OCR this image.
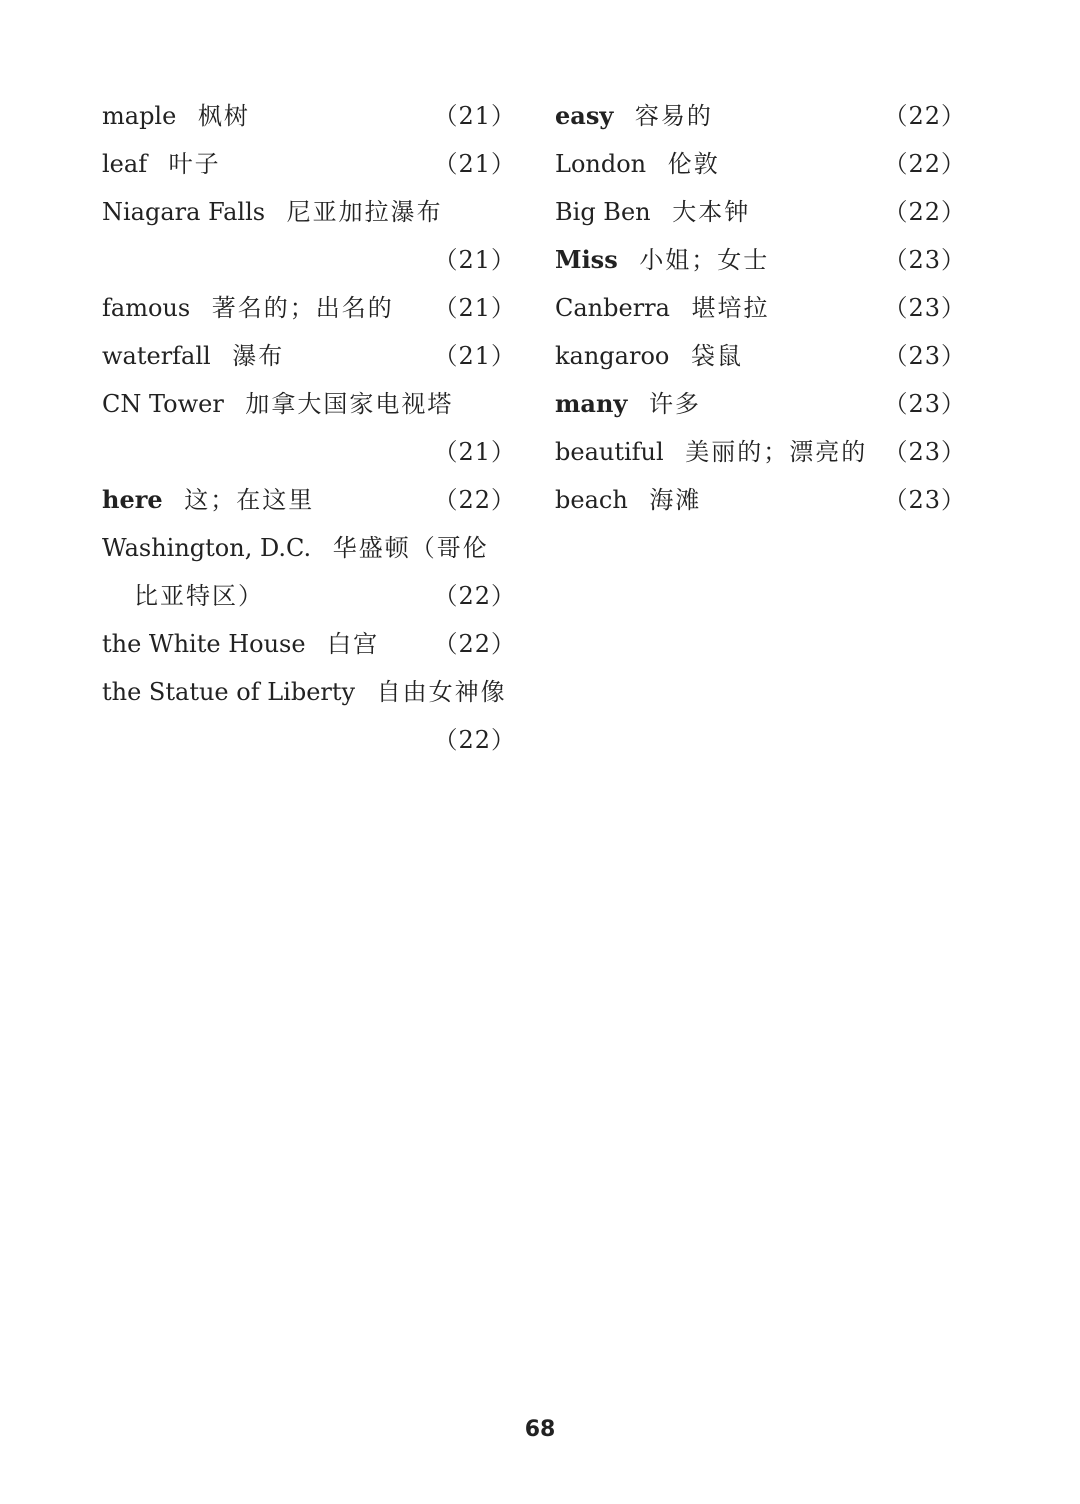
maple 枫树	（21）
leaf 叶子	（21）
Niagara Falls 尼亚加拉瀑布
（21）
famous 著名的；出名的 （21）
waterfall 瀑布	（21）
CN Tower 加拿大国家电视塔
（21）
here 这；在这里	（22）
Washington, D.C. 华盛顿（哥伦
比亚特区）	（22）
the White House 白宫 （22）
the Statue of Liberty 自由女神像
（22）
easy 容易的	（22）
London 伦敦	（22）
Big Ben 大本钟	（22）
Miss 小姐；女士	（23）
Canberra 堪培拉	（23）
kangaroo 袋鼠	（23）
many 许多	（23）
beautiful 美丽的；漂亮的 （23）
beach 海滩	（23）
68
